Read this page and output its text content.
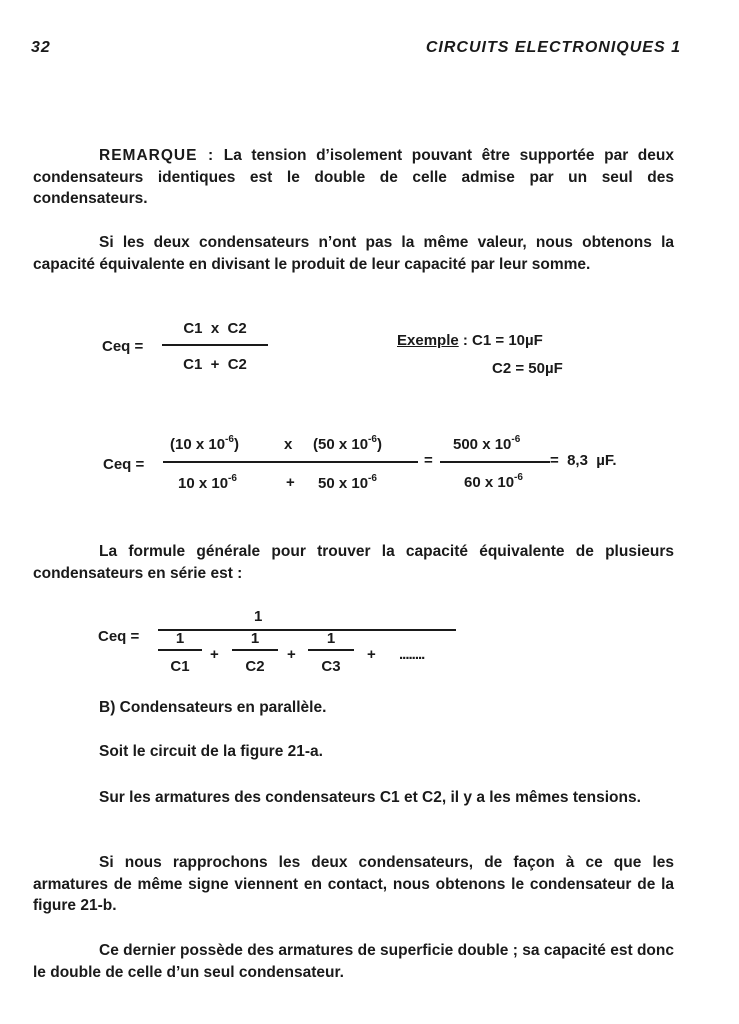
32	CIRCUITS ELECTRONIQUES 1
REMARQUE : La tension d’isolement pouvant être supportée par deux condensateurs identiques est le double de celle admise par un seul des condensateurs.
Si les deux condensateurs n’ont pas la même valeur, nous obtenons la capacité équivalente en divisant le produit de leur capacité par leur somme.
Ceq =
C1  x  C2
C1  +  C2
Exemple : C1 = 10µF
C2 = 50µF
Ceq =
(10 x $10^{-6}$)	x (50 x $10^{-6}$)
10 x $10^{-6}$	+ 50 x $10^{-6}$
=
500 x $10^{-6}$
60 x $10^{-6}$
=  8,3  µF.
La formule générale pour trouver la capacité équivalente de plusieurs condensateurs en série est :
Ceq =
1
1
C1
+
1
C2
+
1
C3
+ ........
B) Condensateurs en parallèle.
Soit le circuit de la figure 21-a.
Sur les armatures des condensateurs C1 et C2, il y a les mêmes tensions.
Si nous rapprochons les deux condensateurs, de façon à ce que les armatures de même signe viennent en contact, nous obtenons le condensateur de la figure 21-b.
Ce dernier possède des armatures de superficie double ; sa capacité est donc le double de celle d’un seul condensateur.
